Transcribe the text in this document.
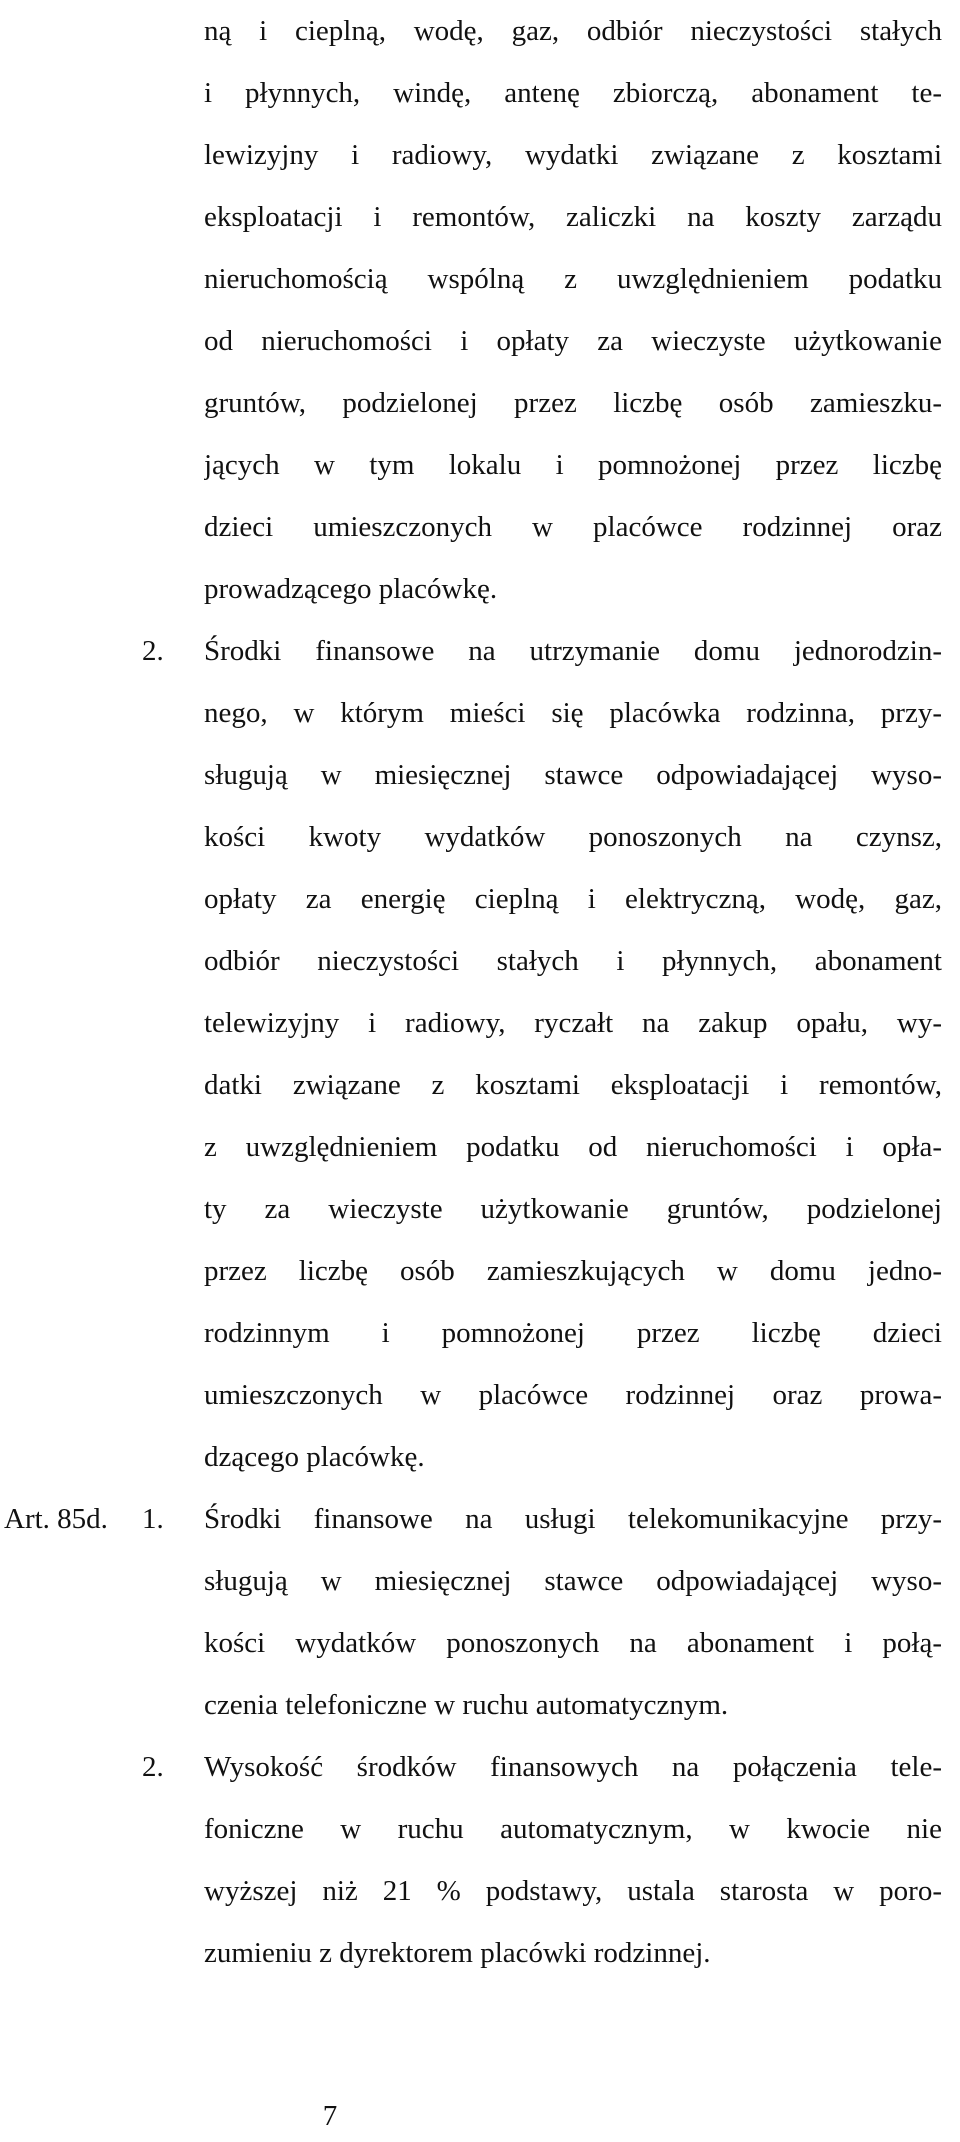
ną i cieplną, wodę, gaz, odbiór nieczystości stałych
i płynnych, windę, antenę zbiorczą, abonament te-
lewizyjny i radiowy, wydatki związane z kosztami
eksploatacji i remontów, zaliczki na koszty zarządu
nieruchomością wspólną z uwzględnieniem podatku
od nieruchomości i opłaty za wieczyste użytkowanie
gruntów, podzielonej przez liczbę osób zamieszku-
jących w tym lokalu i pomnożonej przez liczbę
dzieci umieszczonych w placówce rodzinnej oraz
prowadzącego placówkę.
2. Środki finansowe na utrzymanie domu jednorodzin-
nego, w którym mieści się placówka rodzinna, przy-
sługują w miesięcznej stawce odpowiadającej wyso-
kości kwoty wydatków ponoszonych na czynsz,
opłaty za energię cieplną i elektryczną, wodę, gaz,
odbiór nieczystości stałych i płynnych, abonament
telewizyjny i radiowy, ryczałt na zakup opału, wy-
datki związane z kosztami eksploatacji i remontów,
z uwzględnieniem podatku od nieruchomości i opła-
ty za wieczyste użytkowanie gruntów, podzielonej
przez liczbę osób zamieszkujących w domu jedno-
rodzinnym i pomnożonej przez liczbę dzieci
umieszczonych w placówce rodzinnej oraz prowa-
dzącego placówkę.
Art. 85d. 1. Środki finansowe na usługi telekomunikacyjne przy-
sługują w miesięcznej stawce odpowiadającej wyso-
kości wydatków ponoszonych na abonament i połą-
czenia telefoniczne w ruchu automatycznym.
2. Wysokość środków finansowych na połączenia tele-
foniczne w ruchu automatycznym, w kwocie nie
wyższej niż 21 % podstawy, ustala starosta w poro-
zumieniu z dyrektorem placówki rodzinnej.
7
